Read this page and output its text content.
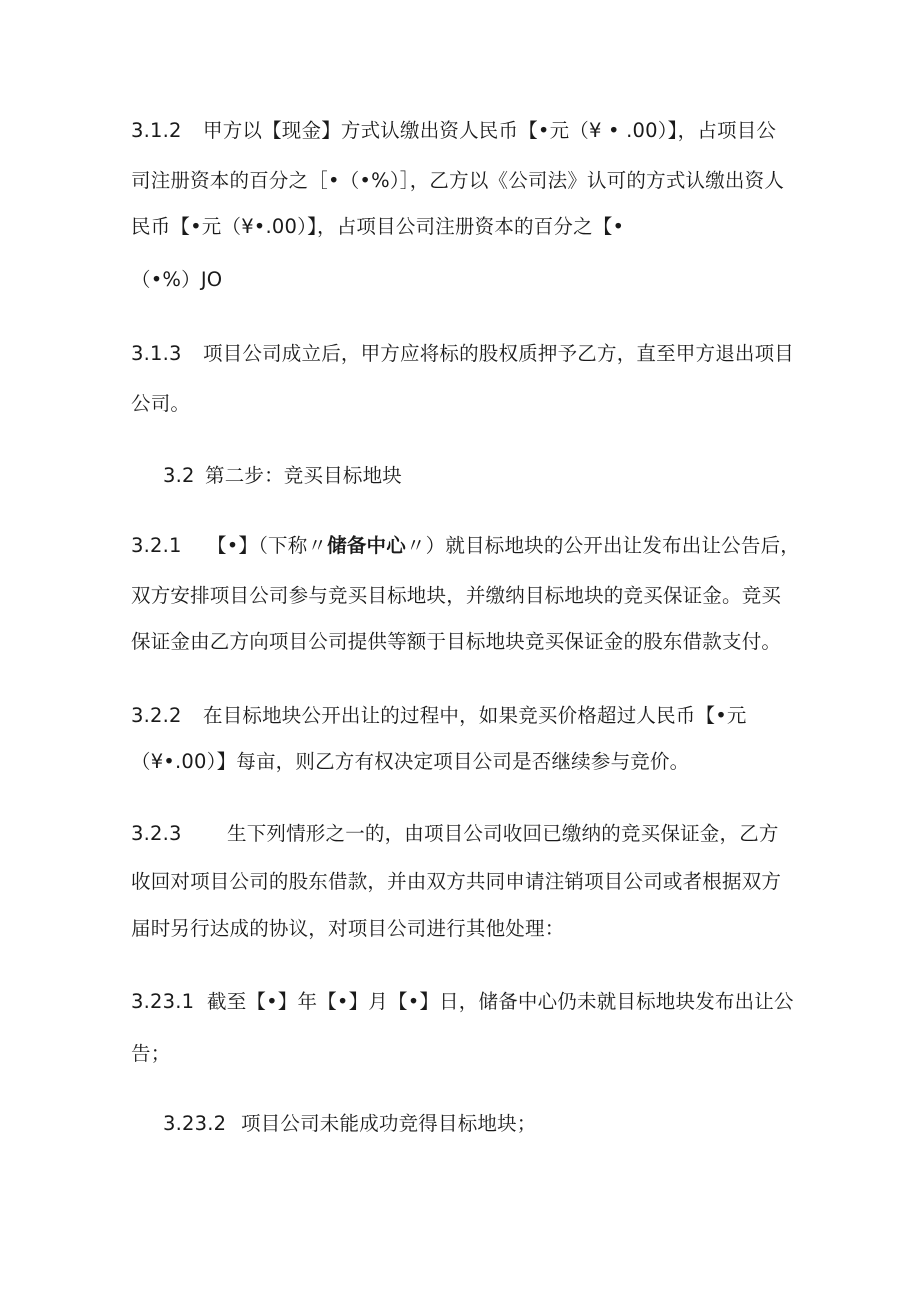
3.1.2 甲方以【现金】方式认缴出资人民币【•元（¥ • .00）】，占项目公
司注册资本的百分之［•（•%）］，乙方以《公司法》认可的方式认缴出资人
民币【•元（¥•.00）】，占项目公司注册资本的百分之【•
（•%）JO
3.1.3 项目公司成立后，甲方应将标的股权质押予乙方，直至甲方退出项目
公司。
3.2 第二步：竞买目标地块
3.2.1 【•】（下称〃储备中心〃）就目标地块的公开出让发布出让公告后，
双方安排项目公司参与竞买目标地块，并缴纳目标地块的竞买保证金。竞买
保证金由乙方向项目公司提供等额于目标地块竞买保证金的股东借款支付。
3.2.2 在目标地块公开出让的过程中，如果竞买价格超过人民币【•元
（¥•.00）】每亩，则乙方有权决定项目公司是否继续参与竞价。
3.2.3 生下列情形之一的，由项目公司收回已缴纳的竞买保证金，乙方
收回对项目公司的股东借款，并由双方共同申请注销项目公司或者根据双方
届时另行达成的协议，对项目公司进行其他处理：
3.23.1 截至【•】年【•】月【•】日，储备中心仍未就目标地块发布出让公
告；
3.23.2 项目公司未能成功竞得目标地块；
